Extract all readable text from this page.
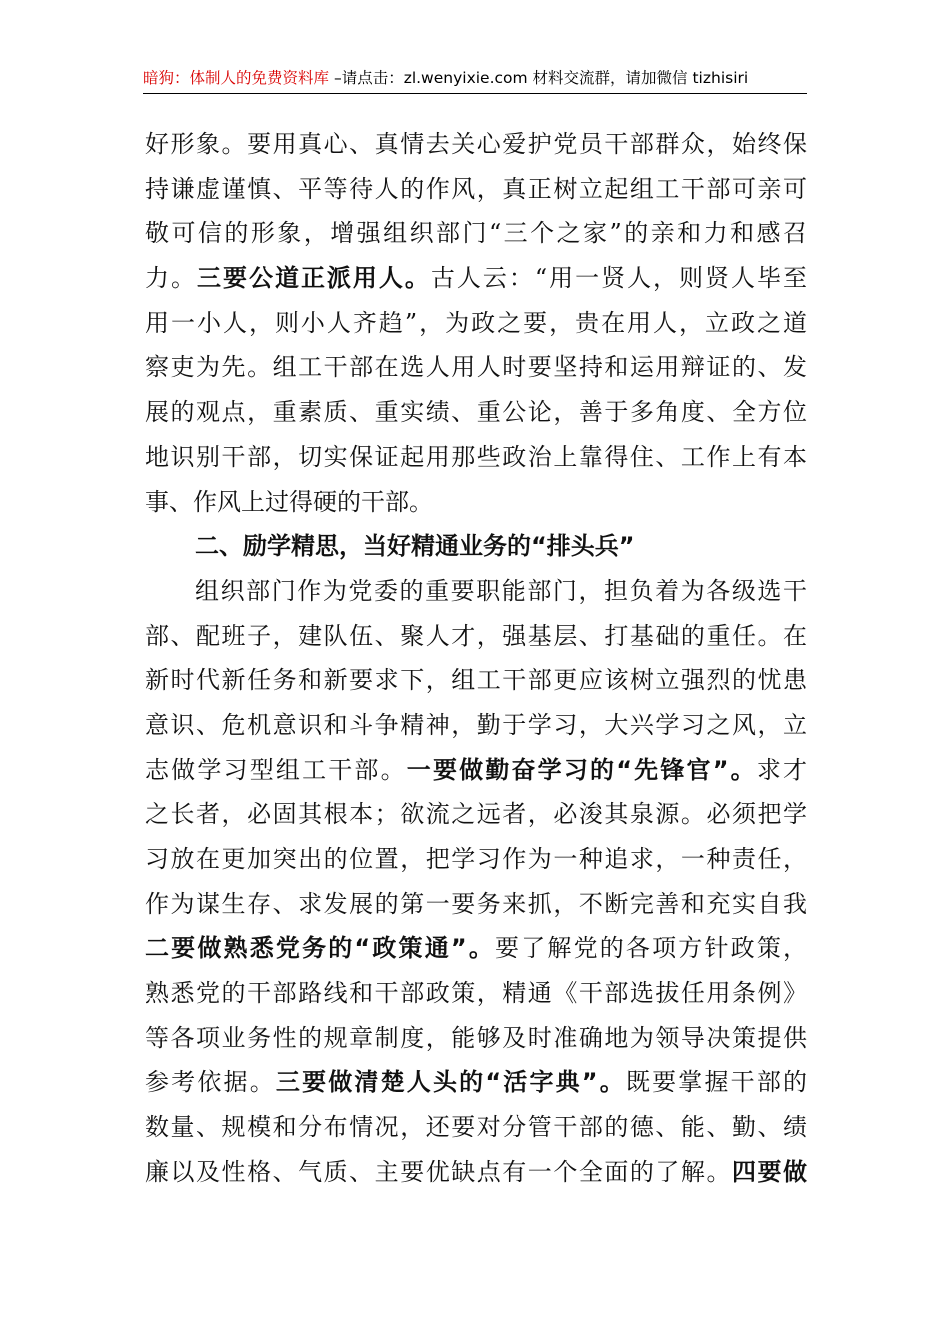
暗狗：体制人的免费资料库 –请点击：zl.wenyixie.com 材料交流群，请加微信 tizhisiri
好形象。要用真心、真情去关心爱护党员干部群众，始终保
持谦虚谨慎、平等待人的作风，真正树立起组工干部可亲可
敬可信的形象，增强组织部门“三个之家”的亲和力和感召
力。三要公道正派用人。古人云：“用一贤人，则贤人毕至
用一小人，则小人齐趋”，为政之要，贵在用人，立政之道
察吏为先。组工干部在选人用人时要坚持和运用辩证的、发
展的观点，重素质、重实绩、重公论，善于多角度、全方位
地识别干部，切实保证起用那些政治上靠得住、工作上有本
事、作风上过得硬的干部。
二、励学精思，当好精通业务的“排头兵”
组织部门作为党委的重要职能部门，担负着为各级选干
部、配班子，建队伍、聚人才，强基层、打基础的重任。在
新时代新任务和新要求下，组工干部更应该树立强烈的忧患
意识、危机意识和斗争精神，勤于学习，大兴学习之风，立
志做学习型组工干部。一要做勤奋学习的“先锋官”。求才
之长者，必固其根本；欲流之远者，必浚其泉源。必须把学
习放在更加突出的位置，把学习作为一种追求，一种责任，
作为谋生存、求发展的第一要务来抓，不断完善和充实自我
二要做熟悉党务的“政策通”。要了解党的各项方针政策，
熟悉党的干部路线和干部政策，精通《干部选拔任用条例》
等各项业务性的规章制度，能够及时准确地为领导决策提供
参考依据。三要做清楚人头的“活字典”。既要掌握干部的
数量、规模和分布情况，还要对分管干部的德、能、勤、绩
廉以及性格、气质、主要优缺点有一个全面的了解。四要做
